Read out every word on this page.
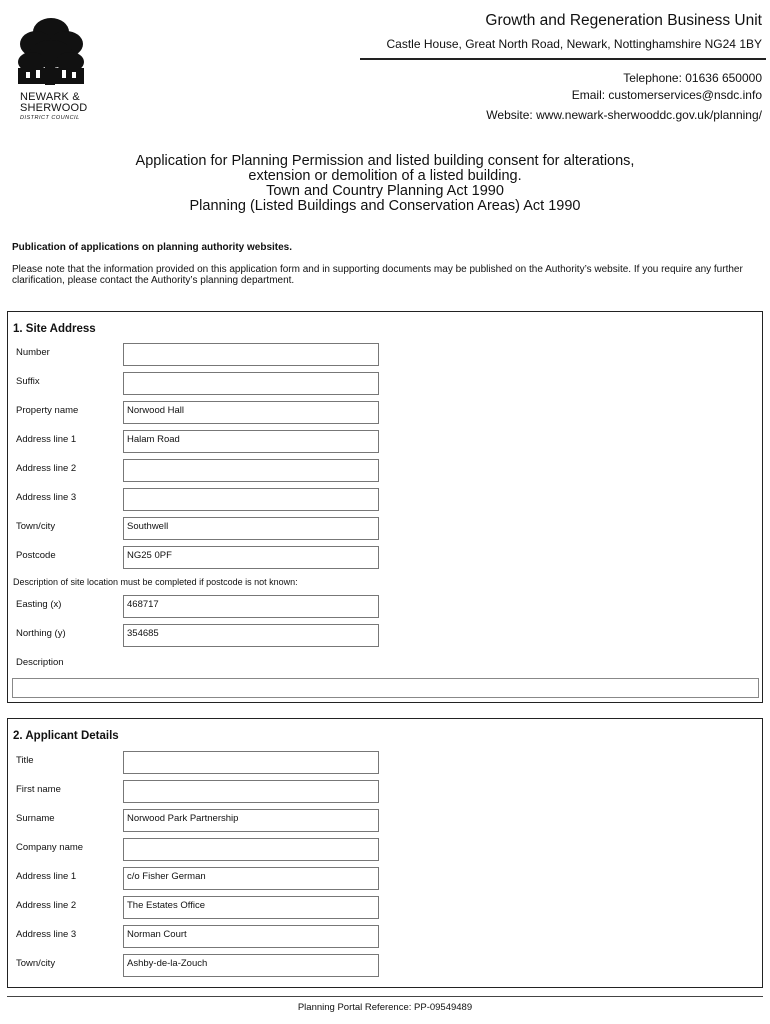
NEWARK &
SHERWOOD
DISTRICT COUNCIL
Growth and Regeneration Business Unit
Castle House, Great North Road, Newark, Nottinghamshire NG24 1BY
Telephone: 01636 650000
Email: customerservices@nsdc.info
Website: www.newark-sherwooddc.gov.uk/planning/
Application for Planning Permission and listed building consent for alterations,
extension or demolition of a listed building.
Town and Country Planning Act 1990
Planning (Listed Buildings and Conservation Areas) Act 1990
Publication of applications on planning authority websites.
Please note that the information provided on this application form and in supporting documents may be published on the Authority’s website. If you require any further clarification, please contact the Authority’s planning department.
1. Site Address
Number
Suffix
Property name	Norwood Hall
Address line 1	Halam Road
Address line 2
Address line 3
Town/city	Southwell
Postcode	NG25 0PF
Description of site location must be completed if postcode is not known:
Easting (x)	468717
Northing (y)	354685
Description
2. Applicant Details
Title
First name
Surname	Norwood Park Partnership
Company name
Address line 1	c/o Fisher German
Address line 2	The Estates Office
Address line 3	Norman Court
Town/city	Ashby-de-la-Zouch
Planning Portal Reference: PP-09549489
